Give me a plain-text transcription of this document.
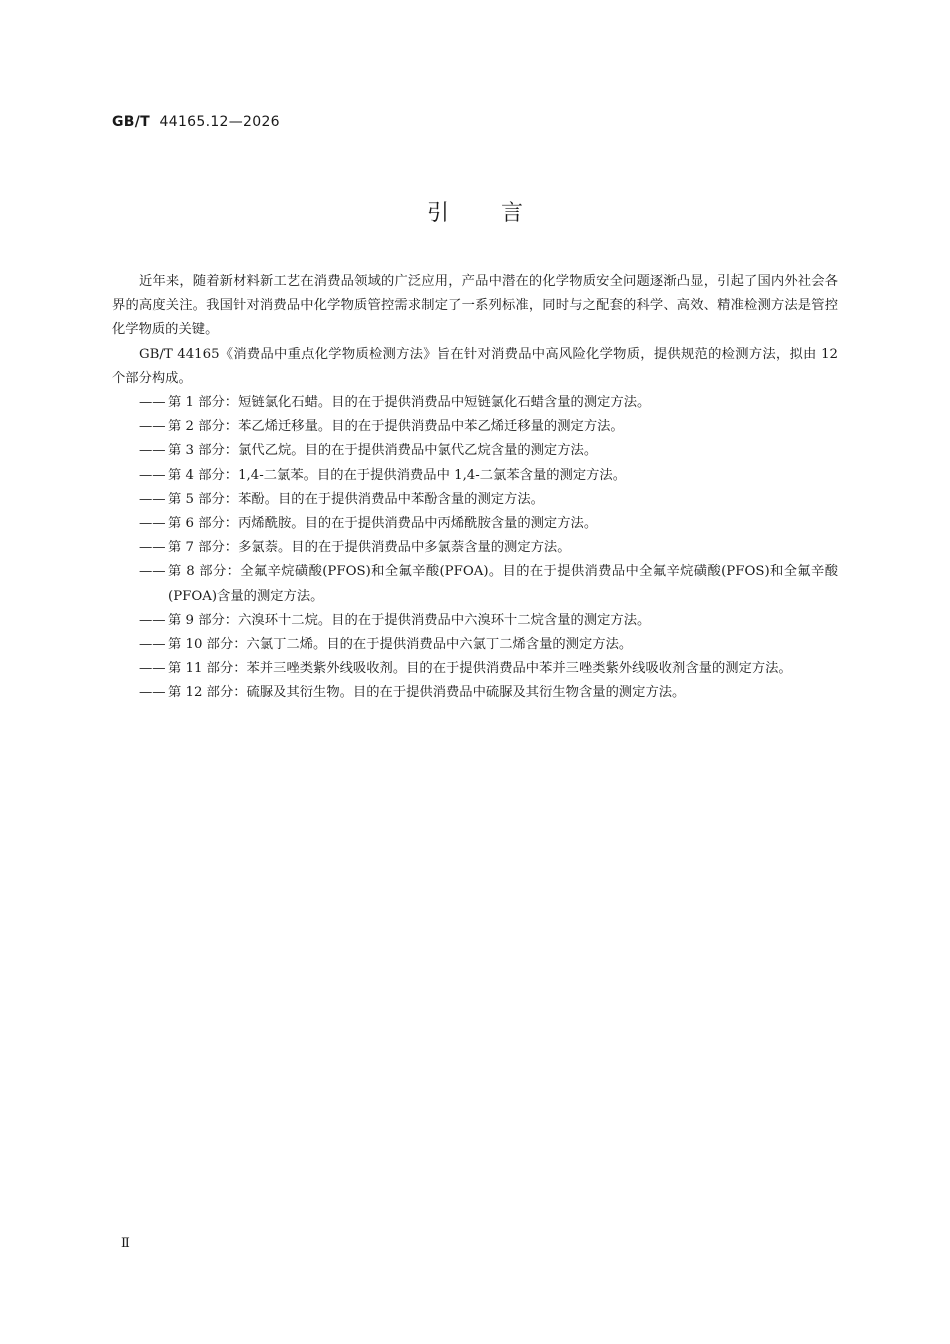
GB/T 44165.12—2026
引言

近年来，随着新材料新工艺在消费品领域的广泛应用，产品中潜在的化学物质安全问题逐渐凸显，引起了国内外社会各界的高度关注。我国针对消费品中化学物质管控需求制定了一系列标准，同时与之配套的科学、高效、精准检测方法是管控化学物质的关键。

GB/T 44165《消费品中重点化学物质检测方法》旨在针对消费品中高风险化学物质，提供规范的检测方法，拟由 12 个部分构成。

—— 第 1 部分：短链氯化石蜡。目的在于提供消费品中短链氯化石蜡含量的测定方法。
—— 第 2 部分：苯乙烯迁移量。目的在于提供消费品中苯乙烯迁移量的测定方法。
—— 第 3 部分：氯代乙烷。目的在于提供消费品中氯代乙烷含量的测定方法。
—— 第 4 部分：1,4-二氯苯。目的在于提供消费品中 1,4-二氯苯含量的测定方法。
—— 第 5 部分：苯酚。目的在于提供消费品中苯酚含量的测定方法。
—— 第 6 部分：丙烯酰胺。目的在于提供消费品中丙烯酰胺含量的测定方法。
—— 第 7 部分：多氯萘。目的在于提供消费品中多氯萘含量的测定方法。
—— 第 8 部分：全氟辛烷磺酸(PFOS)和全氟辛酸(PFOA)。目的在于提供消费品中全氟辛烷磺酸(PFOS)和全氟辛酸(PFOA)含量的测定方法。
—— 第 9 部分：六溴环十二烷。目的在于提供消费品中六溴环十二烷含量的测定方法。
—— 第 10 部分：六氯丁二烯。目的在于提供消费品中六氯丁二烯含量的测定方法。
—— 第 11 部分：苯并三唑类紫外线吸收剂。目的在于提供消费品中苯并三唑类紫外线吸收剂含量的测定方法。
—— 第 12 部分：硫脲及其衍生物。目的在于提供消费品中硫脲及其衍生物含量的测定方法。
Ⅱ
